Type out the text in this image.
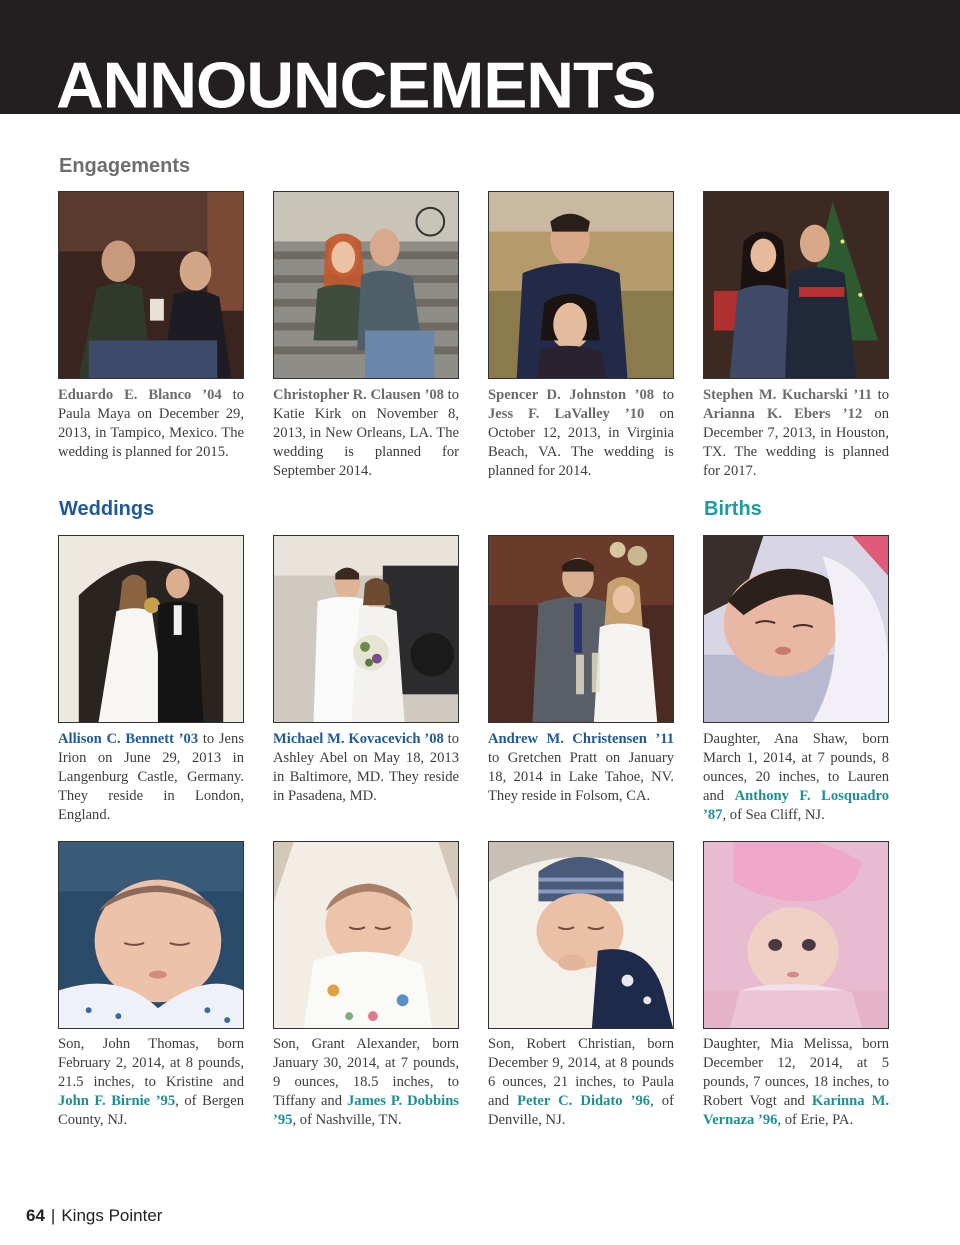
ANNOUNCEMENTS
Engagements
Weddings	Births

Eduardo E. Blanco ’04 to Paula Maya on December 29, 2013, in Tampico, Mexico. The wedding is planned for 2015.

Christopher R. Clausen ’08 to Katie Kirk on November 8, 2013, in New Orleans, LA. The wedding is planned for September 2014.

Spencer D. Johnston ’08 to Jess F. LaValley ’10 on October 12, 2013, in Virginia Beach, VA. The wedding is planned for 2014.

Stephen M. Kucharski ’11 to Arianna K. Ebers ’12 on December 7, 2013, in Houston, TX. The wedding is planned for 2017.

Allison C. Bennett ’03 to Jens Irion on June 29, 2013 in Langenburg Castle, Germany. They reside in London, England.

Michael M. Kovacevich ’08 to Ashley Abel on May 18, 2013 in Baltimore, MD. They reside in Pasadena, MD.

Andrew M. Christensen ’11 to Gretchen Pratt on January 18, 2014 in Lake Tahoe, NV. They reside in Folsom, CA.

Daughter, Ana Shaw, born March 1, 2014, at 7 pounds, 8 ounces, 20 inches, to Lauren and Anthony F. Losquadro ’87, of Sea Cliff, NJ.

Son, John Thomas, born February 2, 2014, at 8 pounds, 21.5 inches, to Kristine and John F. Birnie ’95, of Bergen County, NJ.

Son, Grant Alexander, born January 30, 2014, at 7 pounds, 9 ounces, 18.5 inches, to Tiffany and James P. Dobbins ’95, of Nashville, TN.

Son, Robert Christian, born December 9, 2014, at 8 pounds 6 ounces, 21 inches, to Paula and Peter C. Didato ’96, of Denville, NJ.

Daughter, Mia Melissa, born December 12, 2014, at 5 pounds, 7 ounces, 18 inches, to Robert Vogt and Karinna M. Vernaza ’96, of Erie, PA.

64 | Kings Pointer
